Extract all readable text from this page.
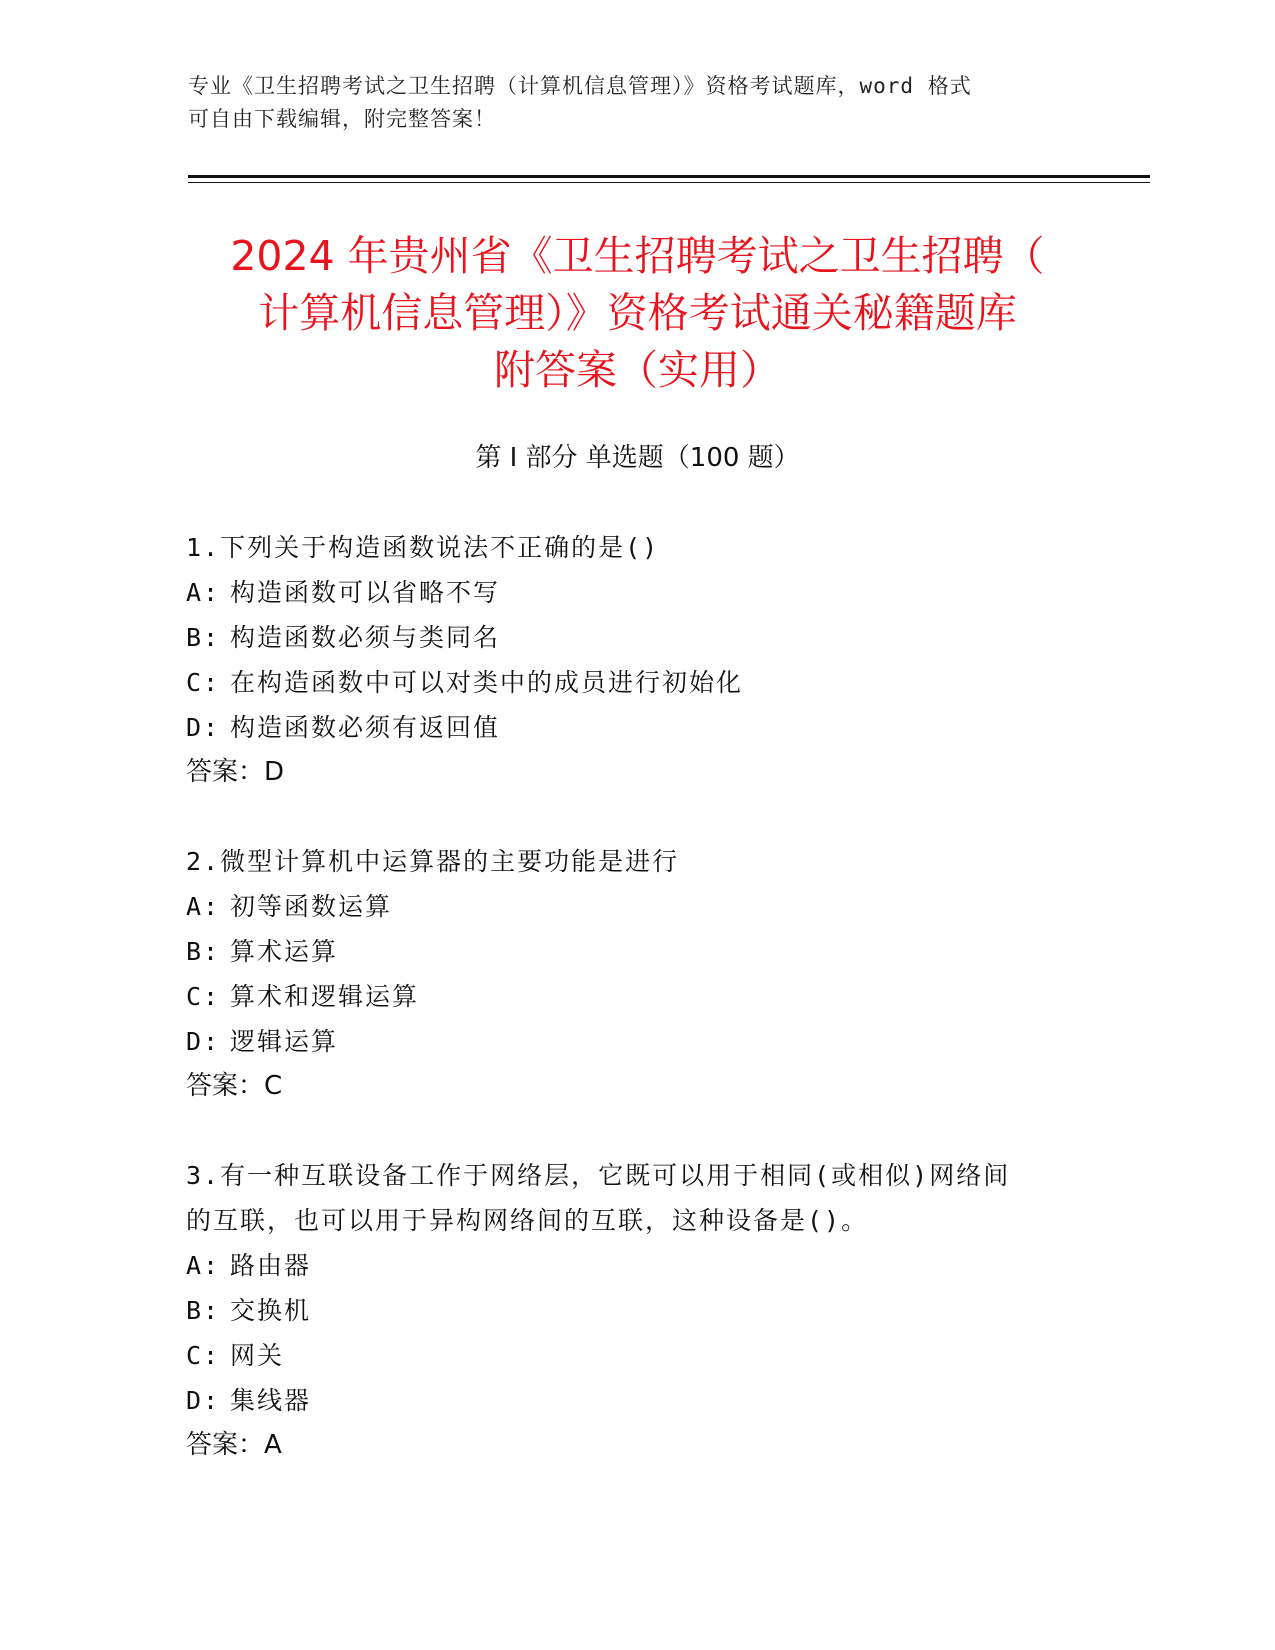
专业《卫生招聘考试之卫生招聘（计算机信息管理）》资格考试题库，word 格式
可自由下载编辑，附完整答案！
2024 年贵州省《卫生招聘考试之卫生招聘（
计算机信息管理）》资格考试通关秘籍题库
附答案（实用）
第 I 部分 单选题（100 题）
1.下列关于构造函数说法不正确的是()
A: 构造函数可以省略不写
B: 构造函数必须与类同名
C: 在构造函数中可以对类中的成员进行初始化
D: 构造函数必须有返回值
答案：D
2.微型计算机中运算器的主要功能是进行
A: 初等函数运算
B: 算术运算
C: 算术和逻辑运算
D: 逻辑运算
答案：C
3.有一种互联设备工作于网络层，它既可以用于相同(或相似)网络间
的互联，也可以用于异构网络间的互联，这种设备是()。
A: 路由器
B: 交换机
C: 网关
D: 集线器
答案：A
